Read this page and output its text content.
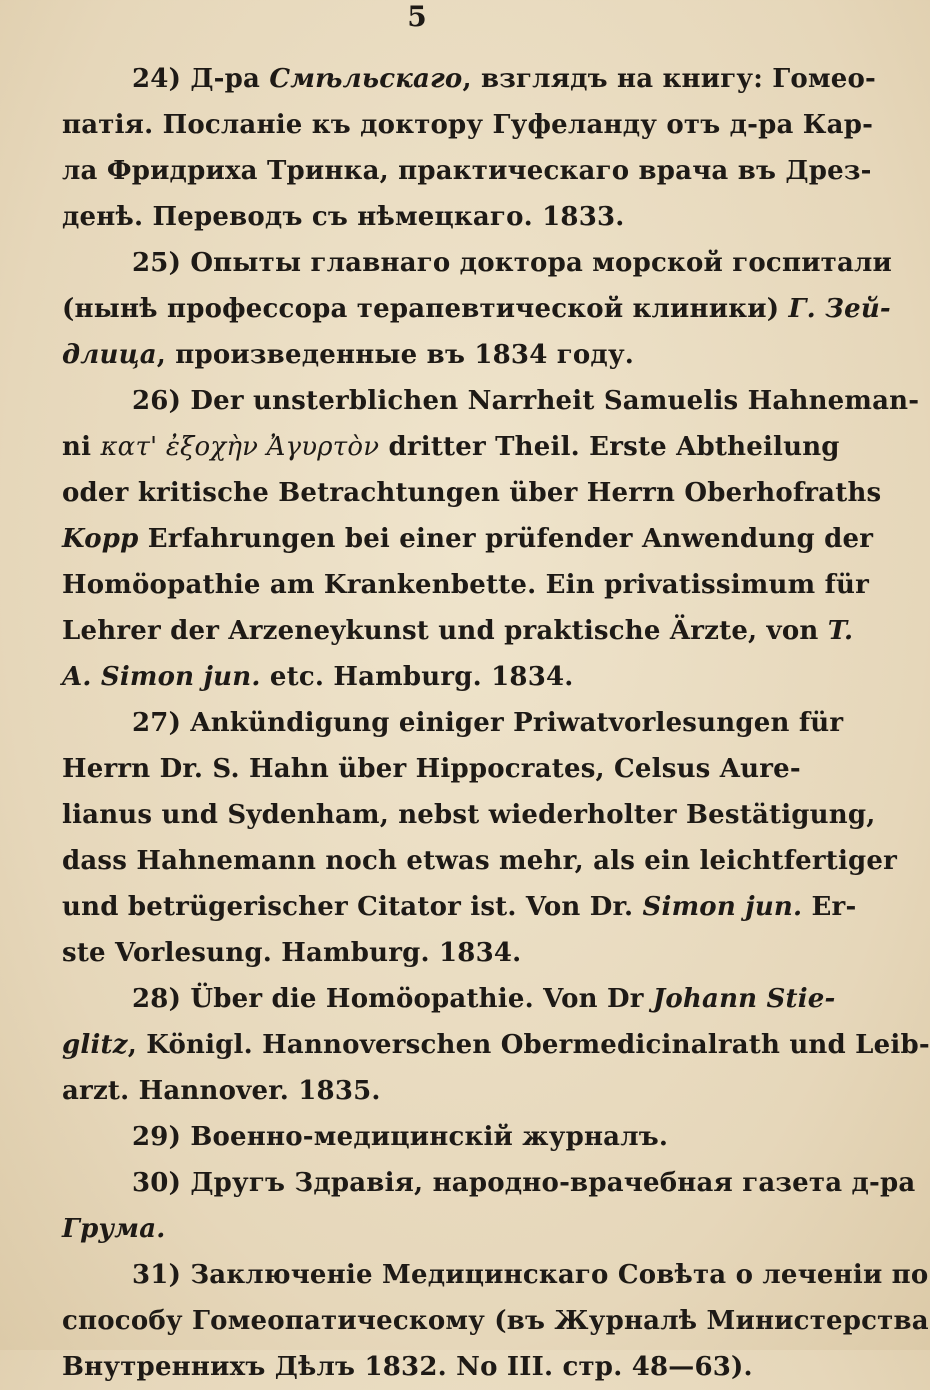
5
24) Д-ра Смѣльскаго, взглядъ на книгу: Гомео-
патія. Посланіе къ доктору Гуфеланду отъ д-ра Кар-
ла Фридриха Тринка, практическаго врача въ Дрез-
денѣ. Переводъ съ нѣмецкаго. 1833.
25) Опыты главнаго доктора морской госпитали
(нынѣ профессора терапевтической клиники) Г. Зей-
длица, произведенные въ 1834 году.
26) Der unsterblichen Narrheit Samuelis Hahneman-
ni κατ' ἐξοχὴν Ἀγυρτὸν dritter Theil. Erste Abtheilung
oder kritische Betrachtungen über Herrn Oberhofraths
Kopp Erfahrungen bei einer prüfender Anwendung der
Homöopathie am Krankenbette. Ein privatissimum für
Lehrer der Arzeneykunst und praktische Ärzte, von T.
A. Simon jun. etc. Hamburg. 1834.
27) Ankündigung einiger Priwatvorlesungen für
Herrn Dr. S. Hahn über Hippocrates, Celsus Aure-
lianus und Sydenham, nebst wiederholter Bestätigung,
dass Hahnemann noch etwas mehr, als ein leichtfertiger
und betrügerischer Citator ist. Von Dr. Simon jun. Er-
ste Vorlesung. Hamburg. 1834.
28) Über die Homöopathie. Von Dr Johann Stie-
glitz, Königl. Hannoverschen Obermedicinalrath und Leib-
arzt. Hannover. 1835.
29) Военно-медицинскій журналъ.
30) Другъ Здравія, народно-врачебная газета д-ра
Грума.
31) Заключеніе Медицинскаго Совѣта о леченіи по
способу Гомеопатическому (въ Журналѣ Министерства
Внутреннихъ Дѣлъ 1832. No III. стр. 48—63).
